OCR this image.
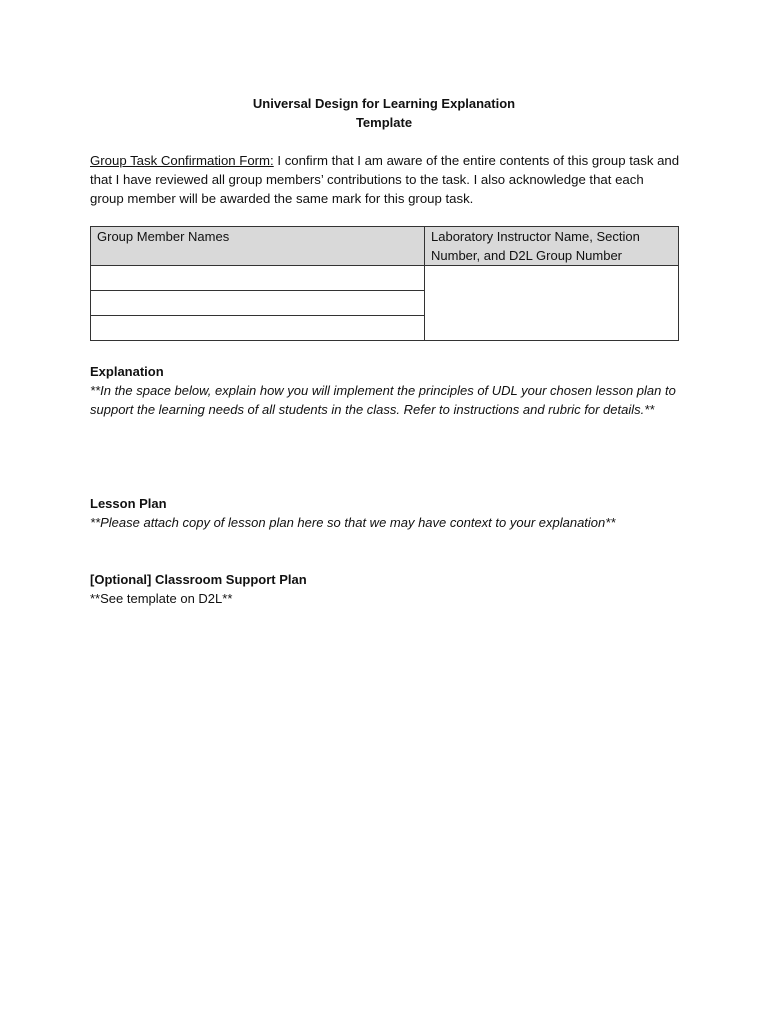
Universal Design for Learning Explanation
Template
Group Task Confirmation Form: I confirm that I am aware of the entire contents of this group task and that I have reviewed all group members’ contributions to the task. I also acknowledge that each group member will be awarded the same mark for this group task.
Group Member Names	Laboratory Instructor Name, Section Number, and D2L Group Number

Explanation
**In the space below, explain how you will implement the principles of UDL your chosen lesson plan to support the learning needs of all students in the class. Refer to instructions and rubric for details.**
Lesson Plan
**Please attach copy of lesson plan here so that we may have context to your explanation**
[Optional] Classroom Support Plan
**See template on D2L**
